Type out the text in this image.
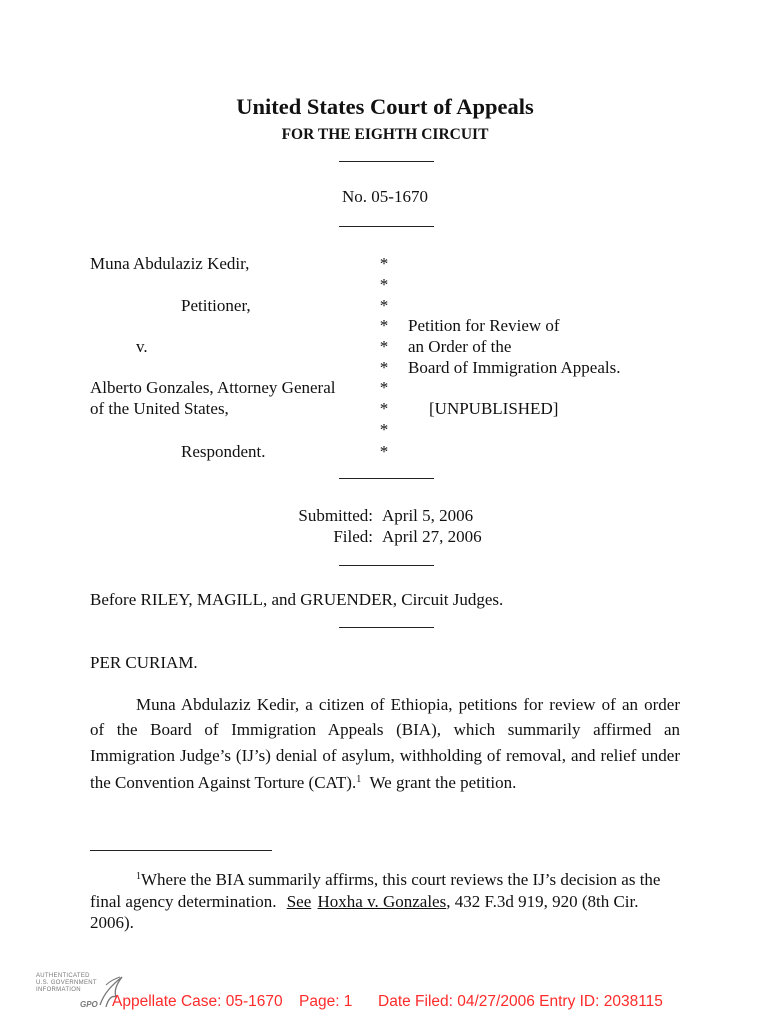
United States Court of Appeals
FOR THE EIGHTH CIRCUIT
No. 05-1670
Muna Abdulaziz Kedir,
Petitioner,
v.
Alberto Gonzales, Attorney General
of the United States,
Respondent.
*
*
*
*
*
*
*
*
*
*
Petition for Review of
an Order of the
Board of Immigration Appeals.
[UNPUBLISHED]
Submitted: April 5, 2006
Filed: April 27, 2006
Before RILEY, MAGILL, and GRUENDER, Circuit Judges.
PER CURIAM.
Muna Abdulaziz Kedir, a citizen of Ethiopia, petitions for review of an order
of the Board of Immigration Appeals (BIA), which summarily affirmed an
Immigration Judge’s (IJ’s) denial of asylum, withholding of removal, and relief under
the Convention Against Torture (CAT).$^1$ We grant the petition.
$^1$Where the BIA summarily affirms, this court reviews the IJ’s decision as the
final agency determination. See Hoxha v. Gonzales, 432 F.3d 919, 920 (8th Cir.
2006).
AUTHENTICATED
U.S. GOVERNMENT
INFORMATION
GPO Appellate Case: 05-1670 Page: 1 Date Filed: 04/27/2006 Entry ID: 2038115
